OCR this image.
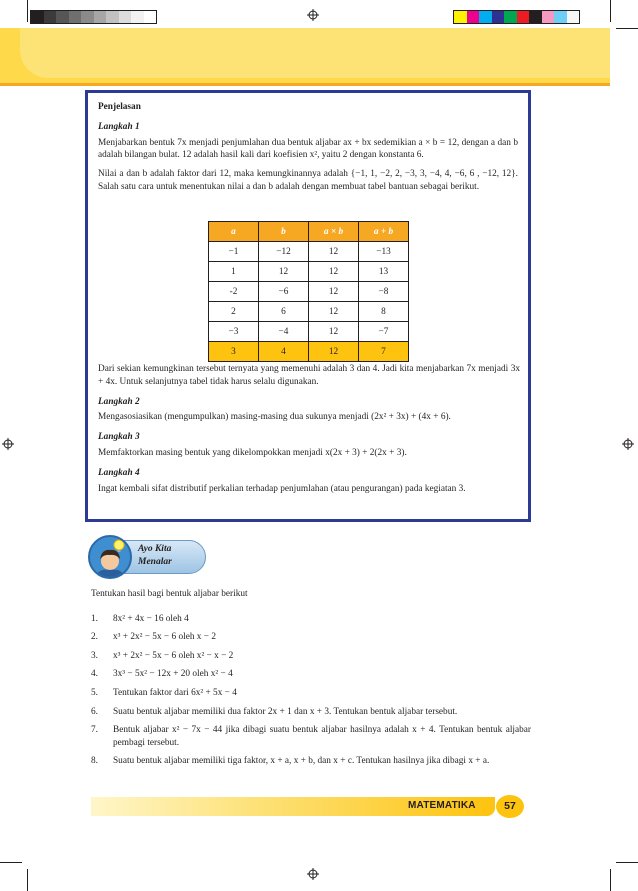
Penjelasan

Langkah 1

Menjabarkan bentuk 7x menjadi penjumlahan dua bentuk aljabar ax + bx sedemikian a × b = 12, dengan a dan b adalah bilangan bulat. 12 adalah hasil kali dari koefisien x², yaitu 2 dengan konstanta 6.

Nilai a dan b adalah faktor dari 12, maka kemungkinannya adalah {−1, 1, −2, 2, −3, 3, −4, 4, −6, 6 , −12, 12}. Salah satu cara untuk menentukan nilai a dan b adalah dengan membuat tabel bantuan sebagai berikut.

a	b	a × b	a + b
−1	−12	12	−13
1	12	12	13
-2	−6	12	−8
2	6	12	8
−3	−4	12	−7
3	4	12	7

Dari sekian kemungkinan tersebut ternyata yang memenuhi adalah 3 dan 4. Jadi kita menjabarkan 7x menjadi 3x + 4x. Untuk selanjutnya tabel tidak harus selalu digunakan.

Langkah 2

Mengasosiasikan (mengumpulkan) masing-masing dua sukunya menjadi (2x² + 3x) + (4x + 6).

Langkah 3

Memfaktorkan masing bentuk yang dikelompokkan menjadi x(2x + 3) + 2(2x + 3).

Langkah 4

Ingat kembali sifat distributif perkalian terhadap penjumlahan (atau pengurangan) pada kegiatan 3.

Ayo Kita
Menalar

Tentukan hasil bagi bentuk aljabar berikut

1.	8x² + 4x − 16 oleh 4
2.	x³ + 2x² − 5x − 6 oleh x − 2
3.	x³ + 2x² − 5x − 6 oleh x² − x − 2
4.	3x³ − 5x² − 12x + 20 oleh x² − 4
5.	Tentukan faktor dari 6x² + 5x − 4
6.	Suatu bentuk aljabar memiliki dua faktor 2x + 1 dan x + 3. Tentukan bentuk aljabar tersebut.
7.	Bentuk aljabar x² − 7x − 44 jika dibagi suatu bentuk aljabar hasilnya adalah x + 4. Tentukan bentuk aljabar pembagi tersebut.
8.	Suatu bentuk aljabar memiliki tiga faktor, x + a, x + b, dan x + c. Tentukan hasilnya jika dibagi x + a.
MATEMATIKA	57
